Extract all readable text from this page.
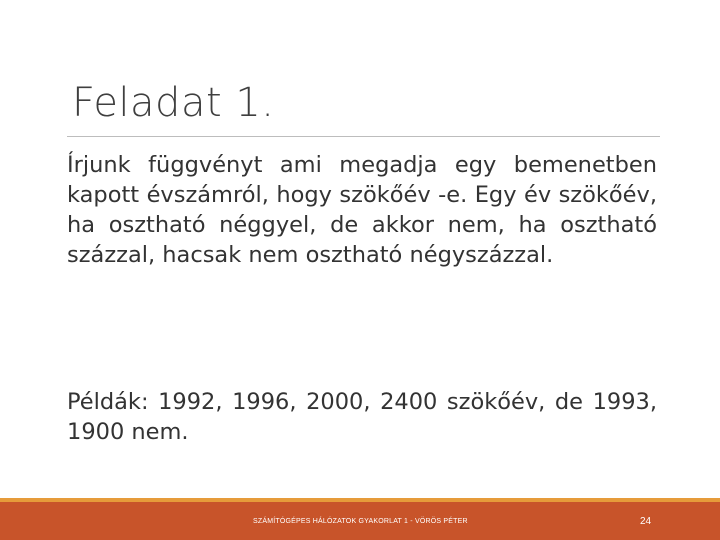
Feladat 1.
Írjunk függvényt ami megadja egy bemenetben kapott évszámról, hogy szökőév -e. Egy év szökőév, ha osztható néggyel, de akkor nem, ha osztható százzal, hacsak nem osztható négyszázzal.
Példák: 1992, 1996, 2000, 2400 szökőév, de 1993, 1900 nem.
SZÁMÍTÓGÉPES HÁLÓZATOK GYAKORLAT 1 - VÖRÖS PÉTER	24
